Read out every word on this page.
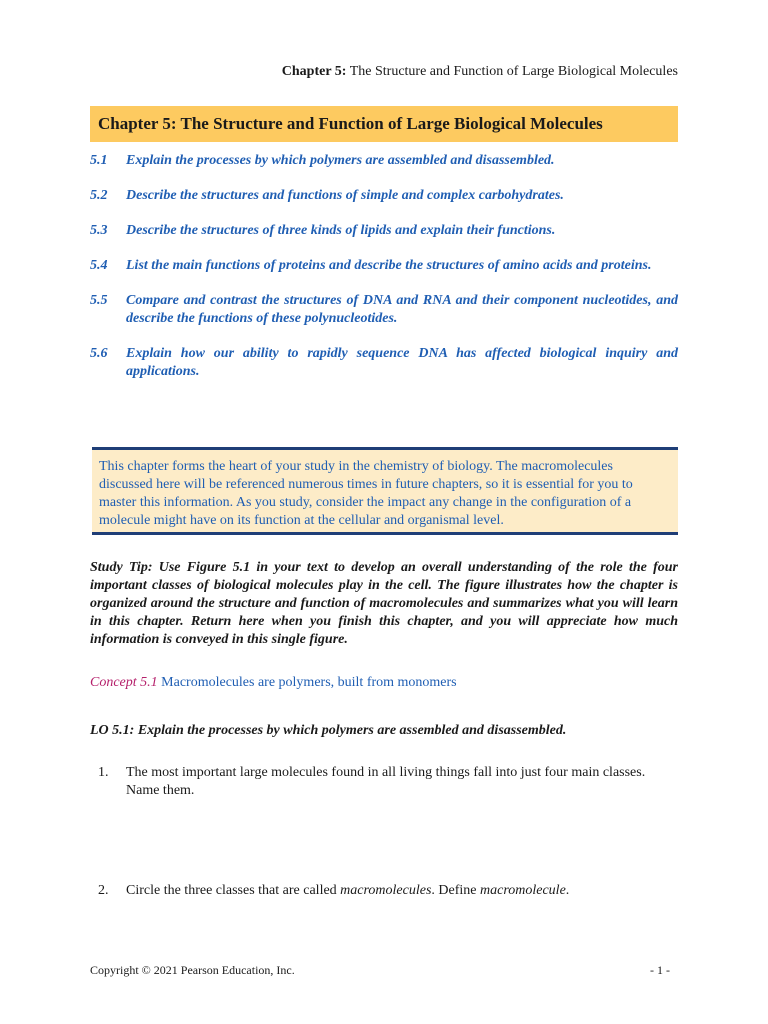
Chapter 5: The Structure and Function of Large Biological Molecules
Chapter 5: The Structure and Function of Large Biological Molecules
5.1 Explain the processes by which polymers are assembled and disassembled.
5.2 Describe the structures and functions of simple and complex carbohydrates.
5.3 Describe the structures of three kinds of lipids and explain their functions.
5.4 List the main functions of proteins and describe the structures of amino acids and proteins.
5.5 Compare and contrast the structures of DNA and RNA and their component nucleotides, and describe the functions of these polynucleotides.
5.6 Explain how our ability to rapidly sequence DNA has affected biological inquiry and applications.
This chapter forms the heart of your study in the chemistry of biology. The macromolecules discussed here will be referenced numerous times in future chapters, so it is essential for you to master this information. As you study, consider the impact any change in the configuration of a molecule might have on its function at the cellular and organismal level.
Study Tip: Use Figure 5.1 in your text to develop an overall understanding of the role the four important classes of biological molecules play in the cell. The figure illustrates how the chapter is organized around the structure and function of macromolecules and summarizes what you will learn in this chapter. Return here when you finish this chapter, and you will appreciate how much information is conveyed in this single figure.
Concept 5.1 Macromolecules are polymers, built from monomers
LO 5.1: Explain the processes by which polymers are assembled and disassembled.
1. The most important large molecules found in all living things fall into just four main classes. Name them.
2. Circle the three classes that are called macromolecules. Define macromolecule.
Copyright © 2021 Pearson Education, Inc.	- 1 -
